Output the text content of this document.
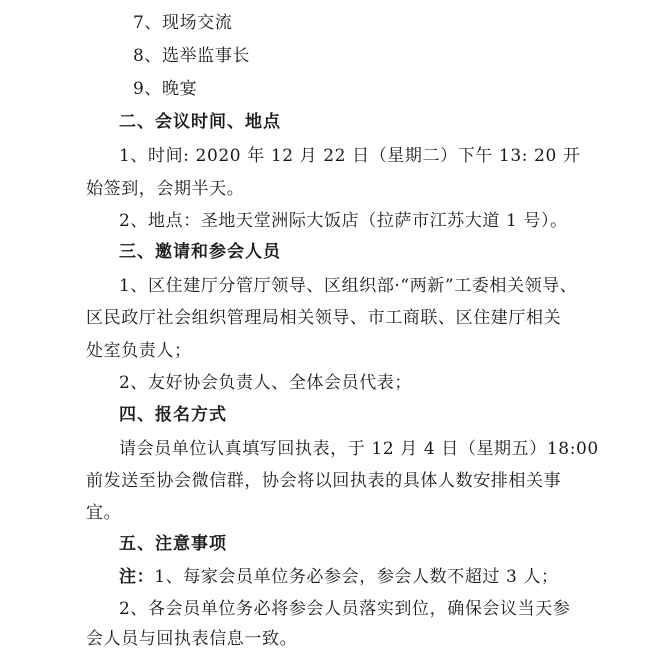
7、现场交流
8、选举监事长
9、晚宴
二、会议时间、地点
1、时间: 2020 年 12 月 22 日（星期二）下午 13: 20 开
始签到，会期半天。
2、地点：圣地天堂洲际大饭店（拉萨市江苏大道 1 号）。
三、邀请和参会人员
1、区住建厅分管厅领导、区组织部·“两新”工委相关领导、
区民政厅社会组织管理局相关领导、市工商联、区住建厅相关
处室负责人；
2、友好协会负责人、全体会员代表；
四、报名方式
请会员单位认真填写回执表，于 12 月 4 日（星期五）18:00
前发送至协会微信群，协会将以回执表的具体人数安排相关事
宜。
五、注意事项
注：1、每家会员单位务必参会，参会人数不超过 3 人；
2、各会员单位务必将参会人员落实到位，确保会议当天参
会人员与回执表信息一致。
